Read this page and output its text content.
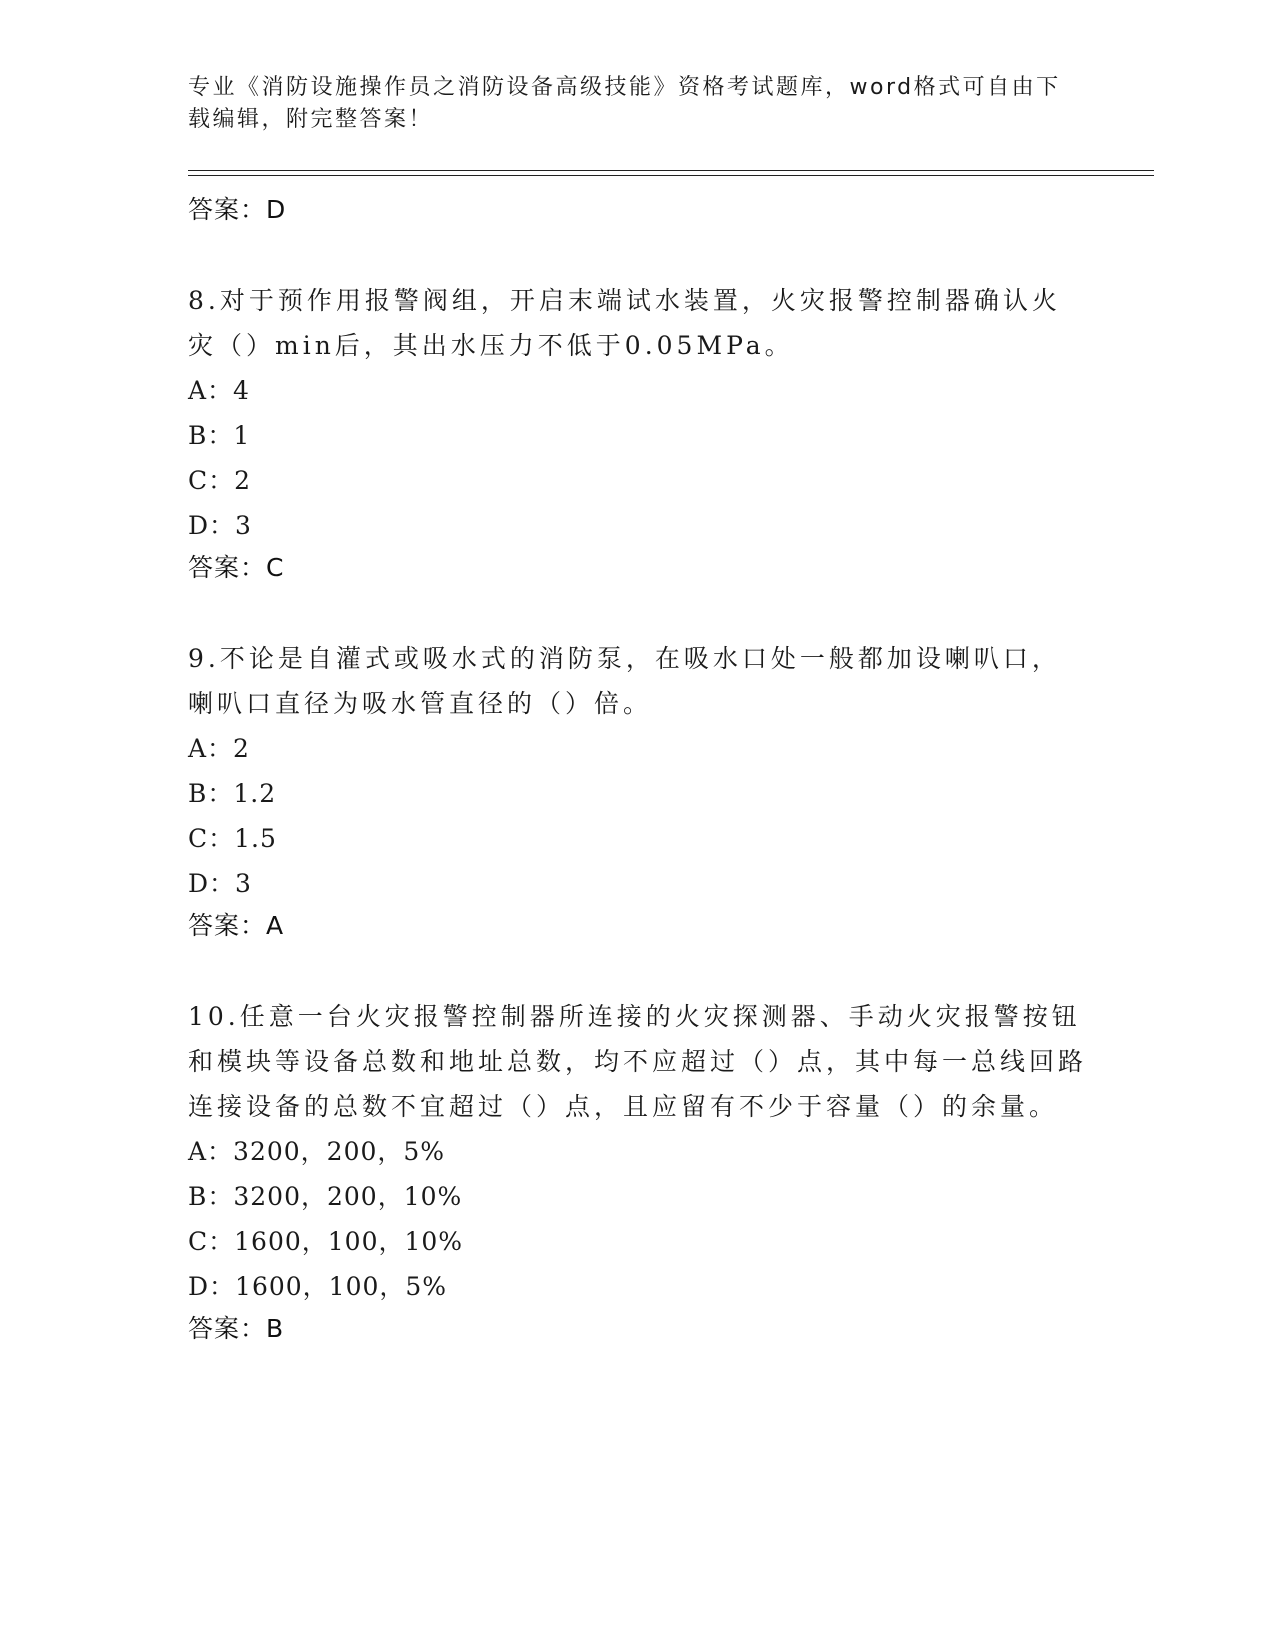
专业《消防设施操作员之消防设备高级技能》资格考试题库，word格式可自由下载编辑，附完整答案！
答案：D
8.对于预作用报警阀组，开启末端试水装置，火灾报警控制器确认火灾（）min后，其出水压力不低于0.05MPa。
A：4
B：1
C：2
D：3
答案：C
9.不论是自灌式或吸水式的消防泵，在吸水口处一般都加设喇叭口，喇叭口直径为吸水管直径的（）倍。
A：2
B：1.2
C：1.5
D：3
答案：A
10.任意一台火灾报警控制器所连接的火灾探测器、手动火灾报警按钮和模块等设备总数和地址总数，均不应超过（）点，其中每一总线回路连接设备的总数不宜超过（）点，且应留有不少于容量（）的余量。
A：3200，200，5%
B：3200，200，10%
C：1600，100，10%
D：1600，100，5%
答案：B
